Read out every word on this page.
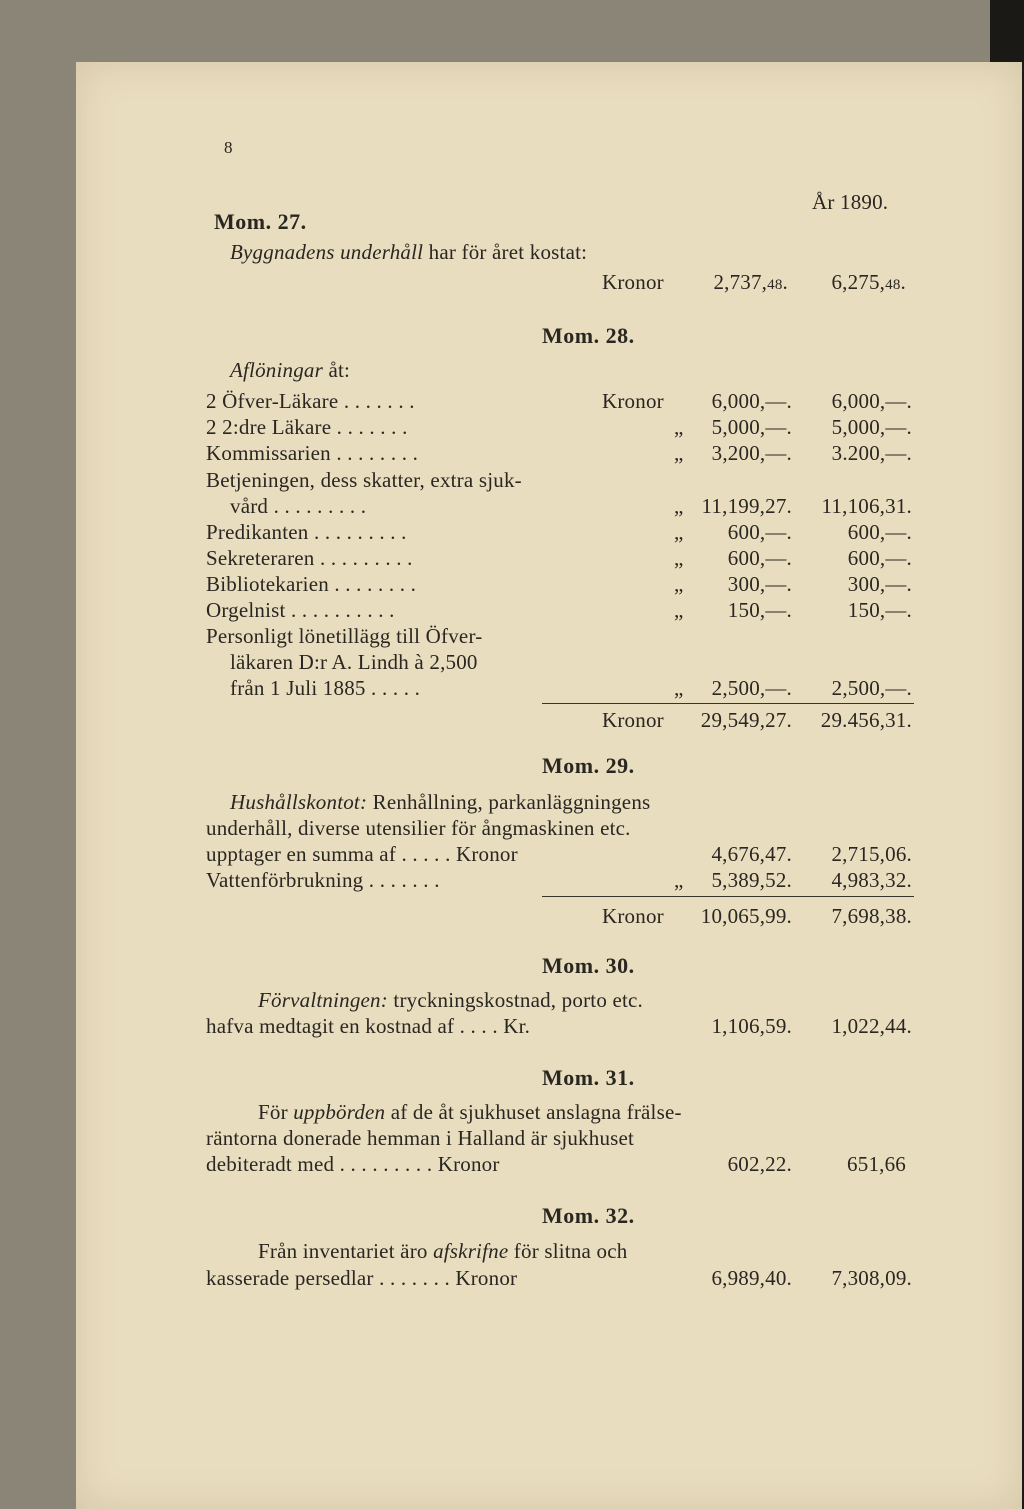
8
År 1890.
Mom. 27.
Byggnadens underhåll har för året kostat:
Kronor	2,737,48.	6,275,48.
Mom. 28.
Aflöningar åt:
2 Öfver-Läkare . . . . . . .	Kronor	6,000,—.	6,000,—.
2 2:dre Läkare . . . . . . .	„	5,000,—.	5,000,—.
Kommissarien . . . . . . . .	„	3,200,—.	3.200,—.
Betjeningen, dess skatter, extra sjuk-
vård . . . . . . . . .	„ 11,199,27.	11,106,31.
Predikanten . . . . . . . . .	„	600,—.	600,—.
Sekreteraren . . . . . . . . .	„	600,—.	600,—.
Bibliotekarien . . . . . . . .	„	300,—.	300,—.
Orgelnist . . . . . . . . . .	„	150,—.	150,—.
Personligt lönetillägg till Öfver-
läkaren D:r A. Lindh à 2,500
från 1 Juli 1885 . . . . .	„	2,500,—.	2,500,—.
Kronor	29,549,27.	29.456,31.
Mom. 29.
Hushållskontot: Renhållning, parkanläggningens
underhåll, diverse utensilier för ångmaskinen etc.
upptager en summa af . . . . . Kronor	4,676,47.	2,715,06.
Vattenförbrukning . . . . . . .	„	5,389,52.	4,983,32.
Kronor	10,065,99.	7,698,38.
Mom. 30.
Förvaltningen: tryckningskostnad, porto etc.
hafva medtagit en kostnad af . . . . Kr.	1,106,59.	1,022,44.
Mom. 31.
För uppbörden af de åt sjukhuset anslagna frälse-
räntorna donerade hemman i Halland är sjukhuset
debiteradt med . . . . . . . . . Kronor	602,22.	651,66
Mom. 32.
Från inventariet äro afskrifne för slitna och
kasserade persedlar . . . . . . . Kronor	6,989,40.	7,308,09.
